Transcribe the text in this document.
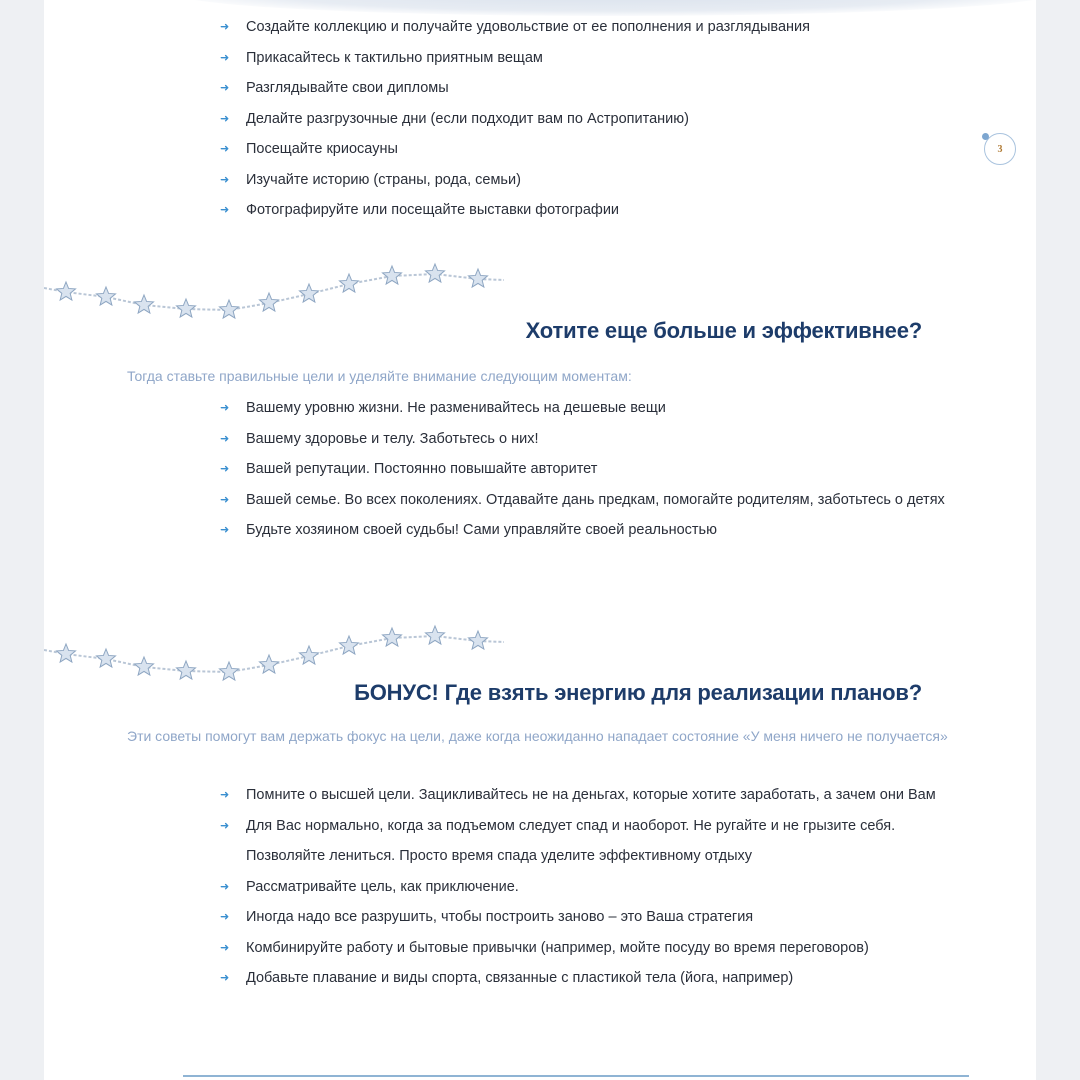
➜ Создайте коллекцию и получайте удовольствие от ее пополнения и разглядывания
➜ Прикасайтесь к тактильно приятным вещам
➜ Разглядывайте свои дипломы
➜ Делайте разгрузочные дни (если подходит вам по Астропитанию)
➜ Посещайте криосауны
➜ Изучайте историю (страны, рода, семьи)
➜ Фотографируйте или посещайте выставки фотографии
3
Хотите еще больше и эффективнее?

Тогда ставьте правильные цели и уделяйте внимание следующим моментам:

➜ Вашему уровню жизни. Не разменивайтесь на дешевые вещи
➜ Вашему здоровье и телу. Заботьтесь о них!
➜ Вашей репутации. Постоянно повышайте авторитет
➜ Вашей семье. Во всех поколениях. Отдавайте дань предкам, помогайте родителям, заботьтесь о детях
➜ Будьте хозяином своей судьбы! Сами управляйте своей реальностью
БОНУС! Где взять энергию для реализации планов?

Эти советы помогут вам держать фокус на цели, даже когда неожиданно нападает состояние «У меня ничего не получается»

➜ Помните о высшей цели. Зацикливайтесь не на деньгах, которые хотите заработать, а зачем они Вам
➜ Для Вас нормально, когда за подъемом следует спад и наоборот. Не ругайте и не грызите себя. Позволяйте лениться. Просто время спада уделите эффективному отдыху
➜ Рассматривайте цель, как приключение.
➜ Иногда надо все разрушить, чтобы построить заново – это Ваша стратегия
➜ Комбинируйте работу и бытовые привычки (например, мойте посуду во время переговоров)
➜ Добавьте плавание и виды спорта, связанные с пластикой тела (йога, например)
